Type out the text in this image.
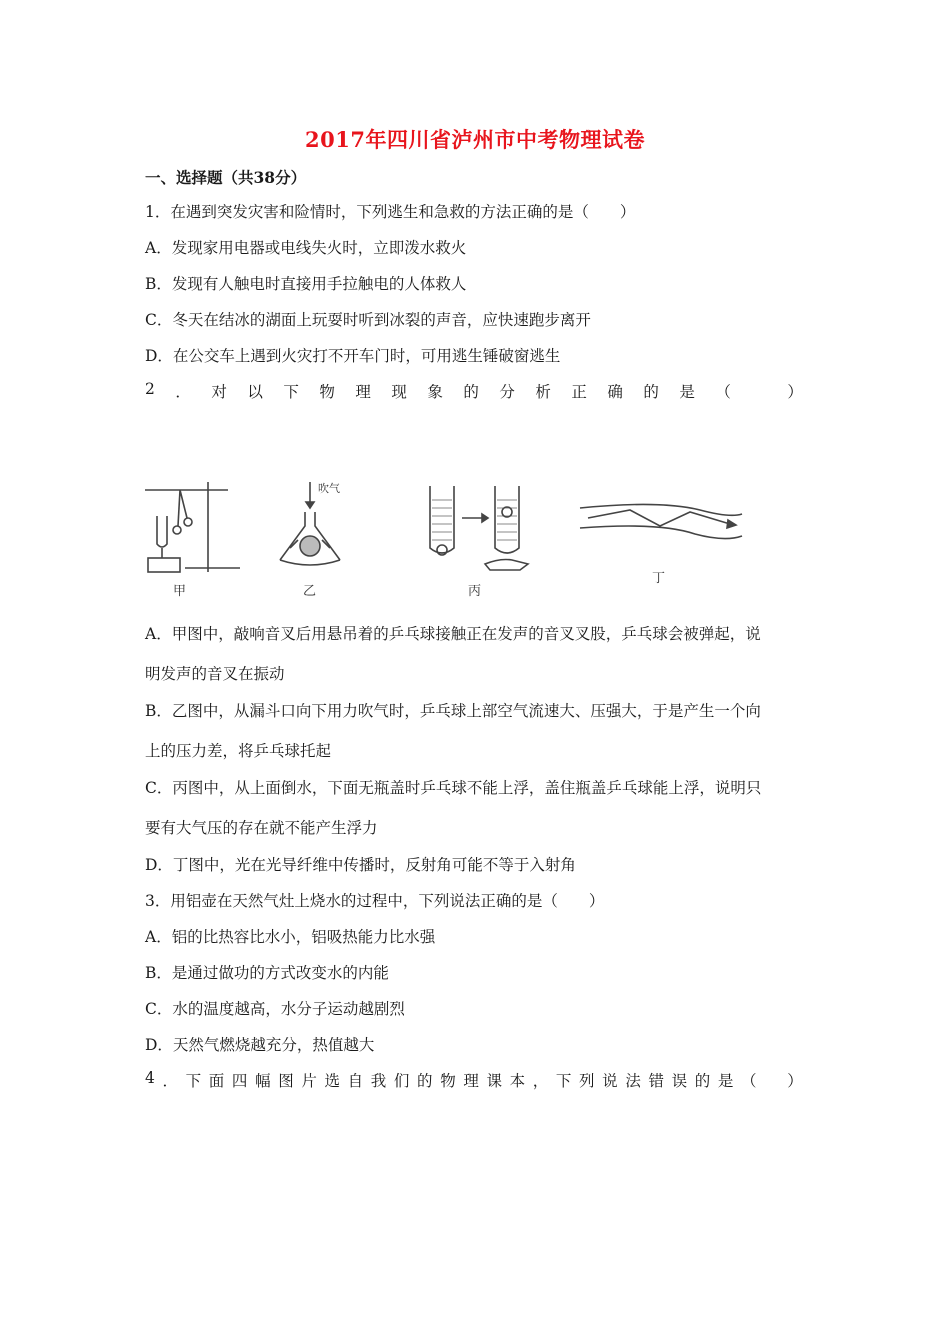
2017年四川省泸州市中考物理试卷
一、选择题（共38分）
1．在遇到突发灾害和险情时，下列逃生和急救的方法正确的是（　　）
A．发现家用电器或电线失火时，立即泼水救火
B．发现有人触电时直接用手拉触电的人体救人
C．冬天在结冰的湖面上玩耍时听到冰裂的声音，应快速跑步离开
D．在公交车上遇到火灾打不开车门时，可用逃生锤破窗逃生
2 ． 对 以 下 物 理 现 象 的 分 析 正 确 的 是 （
　	）
甲	乙	丙
丁
吹气
A．甲图中，敲响音叉后用悬吊着的乒乓球接触正在发声的音叉叉股，乒乓球会被弹起，说
明发声的音叉在振动
B．乙图中，从漏斗口向下用力吹气时，乒乓球上部空气流速大、压强大，于是产生一个向
上的压力差，将乒乓球托起
C．丙图中，从上面倒水，下面无瓶盖时乒乓球不能上浮，盖住瓶盖乒乓球能上浮，说明只
要有大气压的存在就不能产生浮力
D．丁图中，光在光导纤维中传播时，反射角可能不等于入射角
3．用铝壶在天然气灶上烧水的过程中，下列说法正确的是（　　）
A．铝的比热容比水小，铝吸热能力比水强
B．是通过做功的方式改变水的内能
C．水的温度越高，水分子运动越剧烈
D．天然气燃烧越充分，热值越大
4 ． 下 面 四 幅 图 片 选 自 我 们 的 物 理 课 本 ， 下 列 说 法 错 误 的 是 （
　 ）
